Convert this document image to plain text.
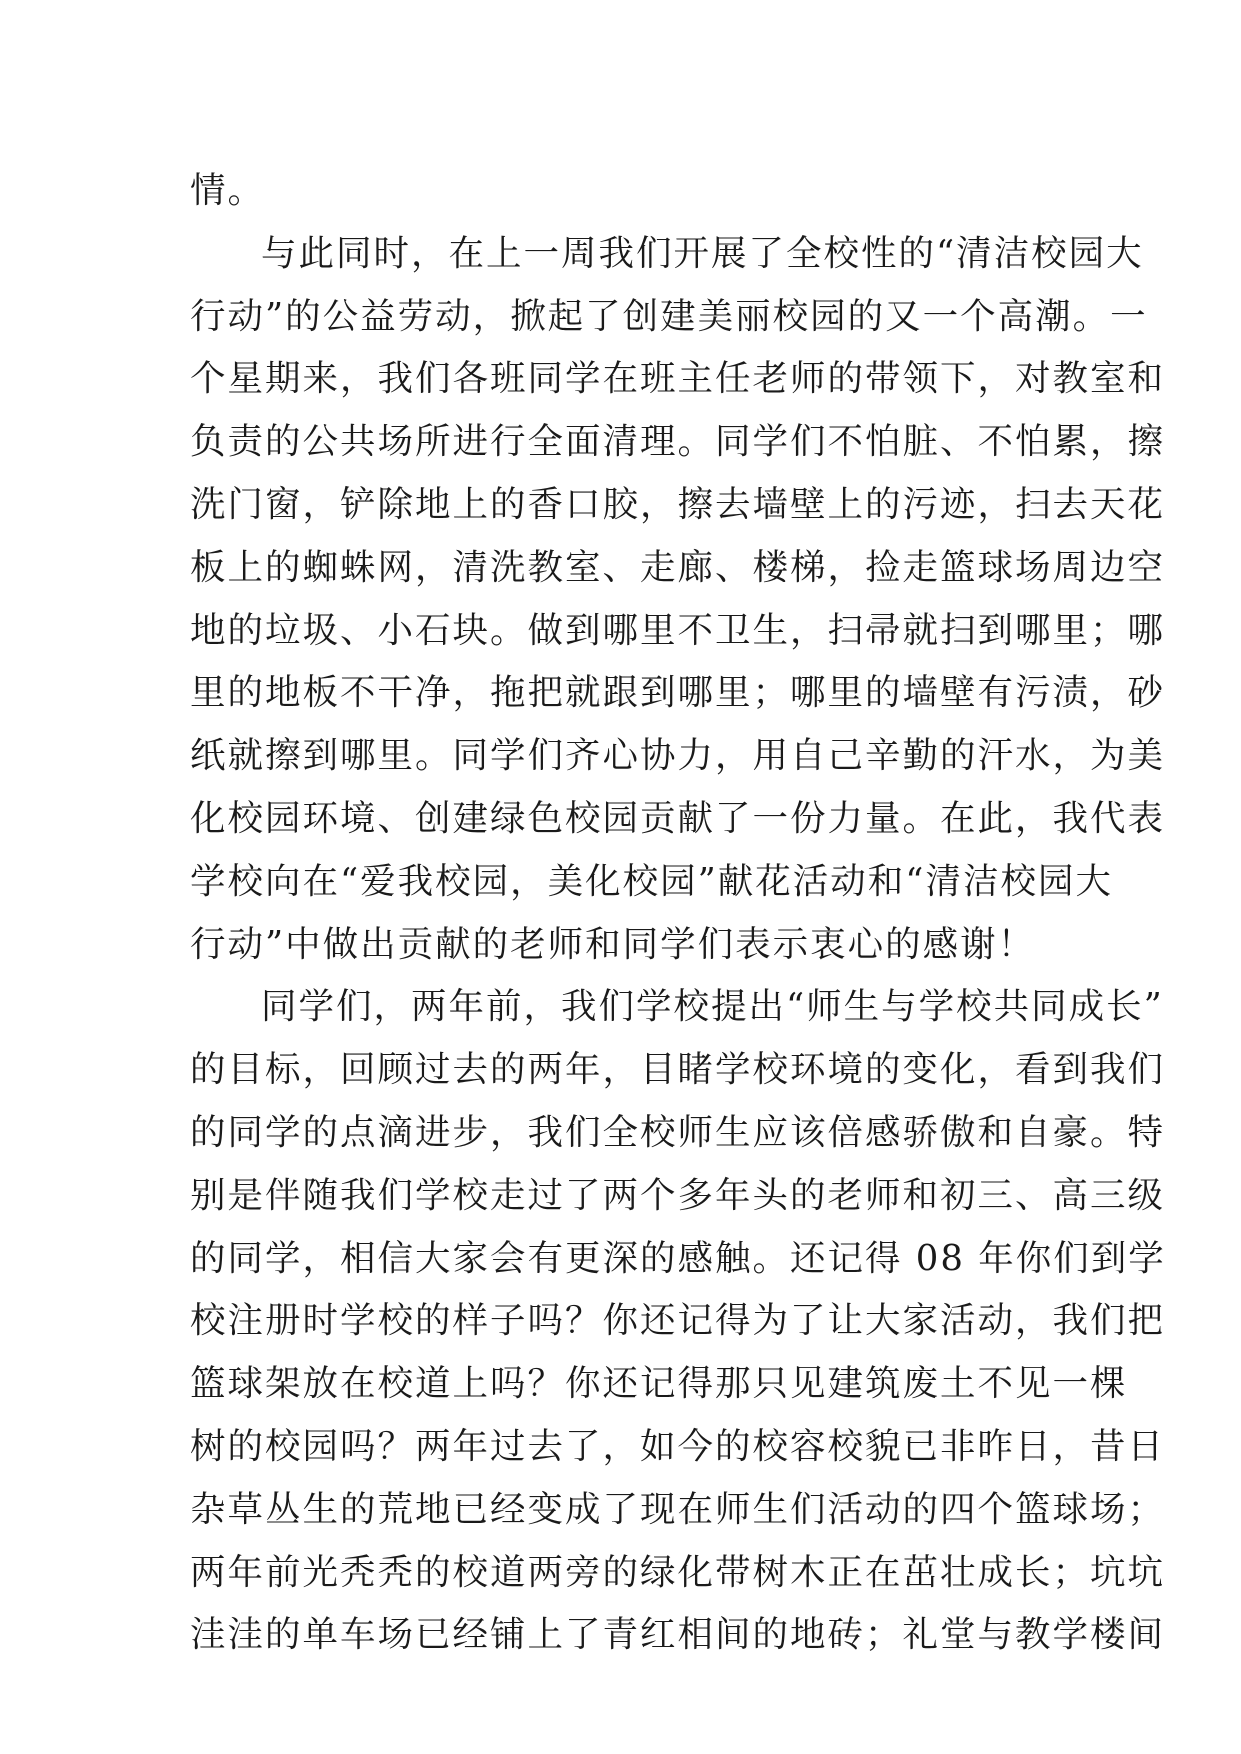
情。
与此同时，在上一周我们开展了全校性的“清洁校园大
行动”的公益劳动，掀起了创建美丽校园的又一个高潮。一
个星期来，我们各班同学在班主任老师的带领下，对教室和
负责的公共场所进行全面清理。同学们不怕脏、不怕累，擦
洗门窗，铲除地上的香口胶，擦去墙壁上的污迹，扫去天花
板上的蜘蛛网，清洗教室、走廊、楼梯，捡走篮球场周边空
地的垃圾、小石块。做到哪里不卫生，扫帚就扫到哪里；哪
里的地板不干净，拖把就跟到哪里；哪里的墙壁有污渍，砂
纸就擦到哪里。同学们齐心协力，用自己辛勤的汗水，为美
化校园环境、创建绿色校园贡献了一份力量。在此，我代表
学校向在“爱我校园，美化校园”献花活动和“清洁校园大
行动”中做出贡献的老师和同学们表示衷心的感谢！
同学们，两年前，我们学校提出“师生与学校共同成长”
的目标，回顾过去的两年，目睹学校环境的变化，看到我们
的同学的点滴进步，我们全校师生应该倍感骄傲和自豪。特
别是伴随我们学校走过了两个多年头的老师和初三、高三级
的同学，相信大家会有更深的感触。还记得 08 年你们到学
校注册时学校的样子吗？你还记得为了让大家活动，我们把
篮球架放在校道上吗？你还记得那只见建筑废土不见一棵
树的校园吗？两年过去了，如今的校容校貌已非昨日，昔日
杂草丛生的荒地已经变成了现在师生们活动的四个篮球场；
两年前光秃秃的校道两旁的绿化带树木正在茁壮成长；坑坑
洼洼的单车场已经铺上了青红相间的地砖；礼堂与教学楼间
